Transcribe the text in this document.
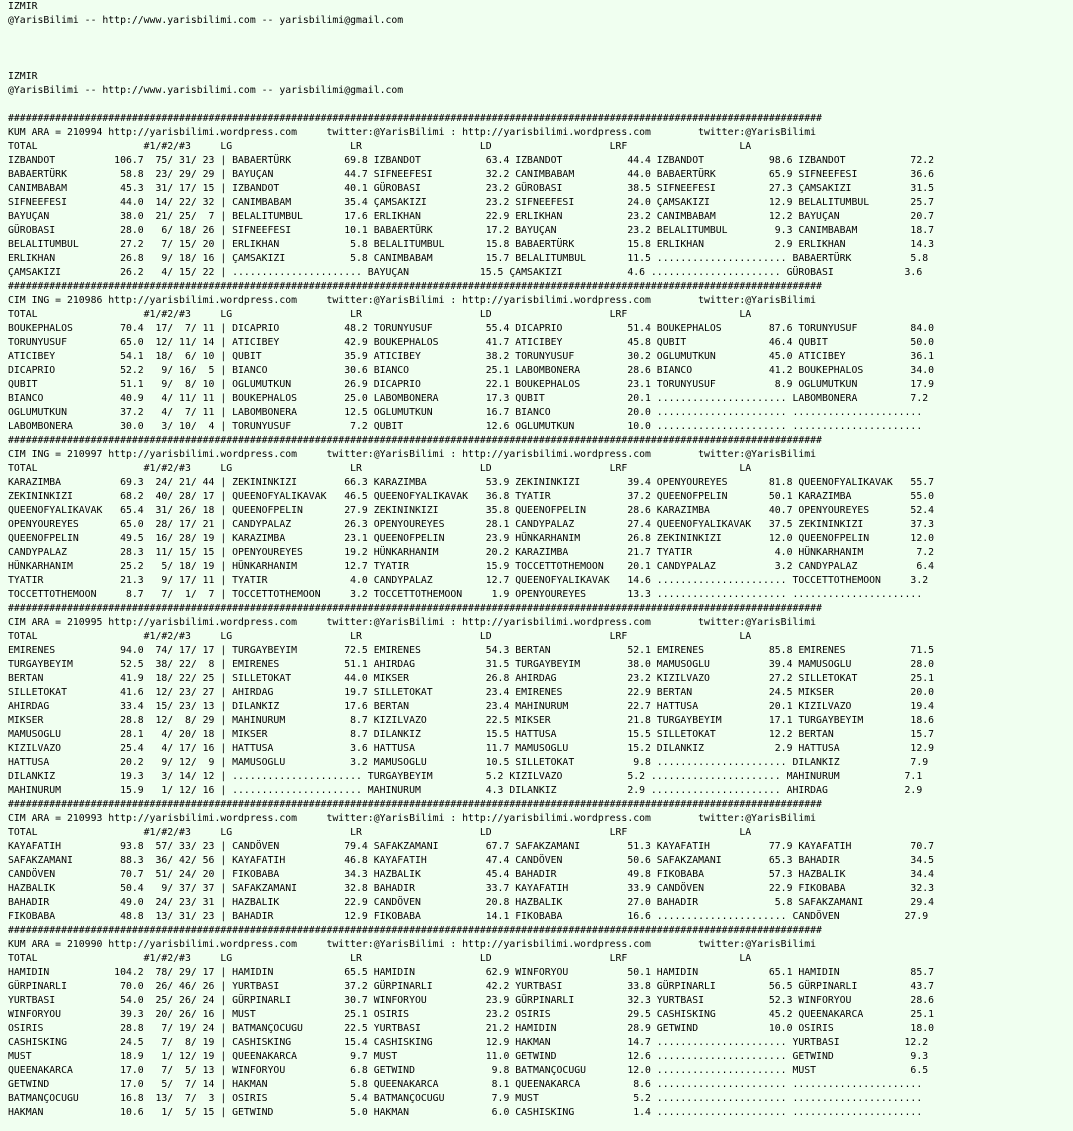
IZMIR
@YarisBilimi -- http://www.yarisbilimi.com -- yarisbilimi@gmail.com

IZMIR
@YarisBilimi -- http://www.yarisbilimi.com -- yarisbilimi@gmail.com

##########################################################################################################################################
KUM ARA = 210994 http://yarisbilimi.wordpress.com     twitter:@YarisBilimi : http://yarisbilimi.wordpress.com        twitter:@YarisBilimi
TOTAL                  #1/#2/#3     LG                    LR                    LD                    LRF                   LA
IZBANDOT          106.7  75/ 31/ 23 | BABAERTÜRK         69.8 IZBANDOT           63.4 IZBANDOT           44.4 IZBANDOT           98.6 IZBANDOT           72.2
BABAERTÜRK         58.8  23/ 29/ 29 | BAYUÇAN            44.7 SIFNEEFESI         32.2 CANIMBABAM         44.0 BABAERTÜRK         65.9 SIFNEEFESI         36.6
CANIMBABAM         45.3  31/ 17/ 15 | IZBANDOT           40.1 GÜROBASI           23.2 GÜROBASI           38.5 SIFNEEFESI         27.3 ÇAMSAKIZI          31.5
SIFNEEFESI         44.0  14/ 22/ 32 | CANIMBABAM         35.4 ÇAMSAKIZI          23.2 SIFNEEFESI         24.0 ÇAMSAKIZI          12.9 BELALITUMBUL       25.7
BAYUÇAN            38.0  21/ 25/  7 | BELALITUMBUL       17.6 ERLIKHAN           22.9 ERLIKHAN           23.2 CANIMBABAM         12.2 BAYUÇAN            20.7
GÜROBASI           28.0   6/ 18/ 26 | SIFNEEFESI         10.1 BABAERTÜRK         17.2 BAYUÇAN            23.2 BELALITUMBUL        9.3 CANIMBABAM         18.7
BELALITUMBUL       27.2   7/ 15/ 20 | ERLIKHAN            5.8 BELALITUMBUL       15.8 BABAERTÜRK         15.8 ERLIKHAN            2.9 ERLIKHAN           14.3
ERLIKHAN           26.8   9/ 18/ 16 | ÇAMSAKIZI           5.8 CANIMBABAM         15.7 BELALITUMBUL       11.5 ...................... BABAERTÜRK          5.8
ÇAMSAKIZI          26.2   4/ 15/ 22 | ...................... BAYUÇAN            15.5 ÇAMSAKIZI           4.6 ...................... GÜROBASI            3.6
##########################################################################################################################################
CIM ING = 210986 http://yarisbilimi.wordpress.com     twitter:@YarisBilimi : http://yarisbilimi.wordpress.com        twitter:@YarisBilimi
TOTAL                  #1/#2/#3     LG                    LR                    LD                    LRF                   LA
BOUKEPHALOS        70.4  17/  7/ 11 | DICAPRIO           48.2 TORUNYUSUF         55.4 DICAPRIO           51.4 BOUKEPHALOS        87.6 TORUNYUSUF         84.0
TORUNYUSUF         65.0  12/ 11/ 14 | ATICIBEY           42.9 BOUKEPHALOS        41.7 ATICIBEY           45.8 QUBIT              46.4 QUBIT              50.0
ATICIBEY           54.1  18/  6/ 10 | QUBIT              35.9 ATICIBEY           38.2 TORUNYUSUF         30.2 OGLUMUTKUN         45.0 ATICIBEY           36.1
DICAPRIO           52.2   9/ 16/  5 | BIANCO             30.6 BIANCO             25.1 LABOMBONERA        28.6 BIANCO             41.2 BOUKEPHALOS        34.0
QUBIT              51.1   9/  8/ 10 | OGLUMUTKUN         26.9 DICAPRIO           22.1 BOUKEPHALOS        23.1 TORUNYUSUF          8.9 OGLUMUTKUN         17.9
BIANCO             40.9   4/ 11/ 11 | BOUKEPHALOS        25.0 LABOMBONERA        17.3 QUBIT              20.1 ...................... LABOMBONERA         7.2
OGLUMUTKUN         37.2   4/  7/ 11 | LABOMBONERA        12.5 OGLUMUTKUN         16.7 BIANCO             20.0 ...................... ......................
LABOMBONERA        30.0   3/ 10/  4 | TORUNYUSUF          7.2 QUBIT              12.6 OGLUMUTKUN         10.0 ...................... ......................
##########################################################################################################################################
CIM ING = 210997 http://yarisbilimi.wordpress.com     twitter:@YarisBilimi : http://yarisbilimi.wordpress.com        twitter:@YarisBilimi
TOTAL                  #1/#2/#3     LG                    LR                    LD                    LRF                   LA
KARAZIMBA          69.3  24/ 21/ 44 | ZEKININKIZI        66.3 KARAZIMBA          53.9 ZEKININKIZI        39.4 OPENYOUREYES       81.8 QUEENOFYALIKAVAK   55.7
ZEKININKIZI        68.2  40/ 28/ 17 | QUEENOFYALIKAVAK   46.5 QUEENOFYALIKAVAK   36.8 TYATIR             37.2 QUEENOFPELIN       50.1 KARAZIMBA          55.0
QUEENOFYALIKAVAK   65.4  31/ 26/ 18 | QUEENOFPELIN       27.9 ZEKININKIZI        35.8 QUEENOFPELIN       28.6 KARAZIMBA          40.7 OPENYOUREYES       52.4
OPENYOUREYES       65.0  28/ 17/ 21 | CANDYPALAZ         26.3 OPENYOUREYES       28.1 CANDYPALAZ         27.4 QUEENOFYALIKAVAK   37.5 ZEKININKIZI        37.3
QUEENOFPELIN       49.5  16/ 28/ 19 | KARAZIMBA          23.1 QUEENOFPELIN       23.9 HÜNKARHANIM        26.8 ZEKININKIZI        12.0 QUEENOFPELIN       12.0
CANDYPALAZ         28.3  11/ 15/ 15 | OPENYOUREYES       19.2 HÜNKARHANIM        20.2 KARAZIMBA          21.7 TYATIR              4.0 HÜNKARHANIM         7.2
HÜNKARHANIM        25.2   5/ 18/ 19 | HÜNKARHANIM        12.7 TYATIR             15.9 TOCCETTOTHEMOON    20.1 CANDYPALAZ          3.2 CANDYPALAZ          6.4
TYATIR             21.3   9/ 17/ 11 | TYATIR              4.0 CANDYPALAZ         12.7 QUEENOFYALIKAVAK   14.6 ...................... TOCCETTOTHEMOON     3.2
TOCCETTOTHEMOON     8.7   7/  1/  7 | TOCCETTOTHEMOON     3.2 TOCCETTOTHEMOON     1.9 OPENYOUREYES       13.3 ...................... ......................
##########################################################################################################################################
CIM ARA = 210995 http://yarisbilimi.wordpress.com     twitter:@YarisBilimi : http://yarisbilimi.wordpress.com        twitter:@YarisBilimi
TOTAL                  #1/#2/#3     LG                    LR                    LD                    LRF                   LA
EMIRENES           94.0  74/ 17/ 17 | TURGAYBEYIM        72.5 EMIRENES           54.3 BERTAN             52.1 EMIRENES           85.8 EMIRENES           71.5
TURGAYBEYIM        52.5  38/ 22/  8 | EMIRENES           51.1 AHIRDAG            31.5 TURGAYBEYIM        38.0 MAMUSOGLU          39.4 MAMUSOGLU          28.0
BERTAN             41.9  18/ 22/ 25 | SILLETOKAT         44.0 MIKSER             26.8 AHIRDAG            23.2 KIZILVAZO          27.2 SILLETOKAT         25.1
SILLETOKAT         41.6  12/ 23/ 27 | AHIRDAG            19.7 SILLETOKAT         23.4 EMIRENES           22.9 BERTAN             24.5 MIKSER             20.0
AHIRDAG            33.4  15/ 23/ 13 | DILANKIZ           17.6 BERTAN             23.4 MAHINURUM          22.7 HATTUSA            20.1 KIZILVAZO          19.4
MIKSER             28.8  12/  8/ 29 | MAHINURUM           8.7 KIZILVAZO          22.5 MIKSER             21.8 TURGAYBEYIM        17.1 TURGAYBEYIM        18.6
MAMUSOGLU          28.1   4/ 20/ 18 | MIKSER              8.7 DILANKIZ           15.5 HATTUSA            15.5 SILLETOKAT         12.2 BERTAN             15.7
KIZILVAZO          25.4   4/ 17/ 16 | HATTUSA             3.6 HATTUSA            11.7 MAMUSOGLU          15.2 DILANKIZ            2.9 HATTUSA            12.9
HATTUSA            20.2   9/ 12/  9 | MAMUSOGLU           3.2 MAMUSOGLU          10.5 SILLETOKAT          9.8 ...................... DILANKIZ            7.9
DILANKIZ           19.3   3/ 14/ 12 | ...................... TURGAYBEYIM         5.2 KIZILVAZO           5.2 ...................... MAHINURUM           7.1
MAHINURUM          15.9   1/ 12/ 16 | ...................... MAHINURUM           4.3 DILANKIZ            2.9 ...................... AHIRDAG             2.9
##########################################################################################################################################
CIM ARA = 210993 http://yarisbilimi.wordpress.com     twitter:@YarisBilimi : http://yarisbilimi.wordpress.com        twitter:@YarisBilimi
TOTAL                  #1/#2/#3     LG                    LR                    LD                    LRF                   LA
KAYAFATIH          93.8  57/ 33/ 23 | CANDÖVEN           79.4 SAFAKZAMANI        67.7 SAFAKZAMANI        51.3 KAYAFATIH          77.9 KAYAFATIH          70.7
SAFAKZAMANI        88.3  36/ 42/ 56 | KAYAFATIH          46.8 KAYAFATIH          47.4 CANDÖVEN           50.6 SAFAKZAMANI        65.3 BAHADIR            34.5
CANDÖVEN           70.7  51/ 24/ 20 | FIKOBABA           34.3 HAZBALIK           45.4 BAHADIR            49.8 FIKOBABA           57.3 HAZBALIK           34.4
HAZBALIK           50.4   9/ 37/ 37 | SAFAKZAMANI        32.8 BAHADIR            33.7 KAYAFATIH          33.9 CANDÖVEN           22.9 FIKOBABA           32.3
BAHADIR            49.0  24/ 23/ 31 | HAZBALIK           22.9 CANDÖVEN           20.8 HAZBALIK           27.0 BAHADIR             5.8 SAFAKZAMANI        29.4
FIKOBABA           48.8  13/ 31/ 23 | BAHADIR            12.9 FIKOBABA           14.1 FIKOBABA           16.6 ...................... CANDÖVEN           27.9
##########################################################################################################################################
KUM ARA = 210990 http://yarisbilimi.wordpress.com     twitter:@YarisBilimi : http://yarisbilimi.wordpress.com        twitter:@YarisBilimi
TOTAL                  #1/#2/#3     LG                    LR                    LD                    LRF                   LA
HAMIDIN           104.2  78/ 29/ 17 | HAMIDIN            65.5 HAMIDIN            62.9 WINFORYOU          50.1 HAMIDIN            65.1 HAMIDIN            85.7
GÜRPINARLI         70.0  26/ 46/ 26 | YURTBASI           37.2 GÜRPINARLI         42.2 YURTBASI           33.8 GÜRPINARLI         56.5 GÜRPINARLI         43.7
YURTBASI           54.0  25/ 26/ 24 | GÜRPINARLI         30.7 WINFORYOU          23.9 GÜRPINARLI         32.3 YURTBASI           52.3 WINFORYOU          28.6
WINFORYOU          39.3  20/ 26/ 16 | MUST               25.1 OSIRIS             23.2 OSIRIS             29.5 CASHISKING         45.2 QUEENAKARCA        25.1
OSIRIS             28.8   7/ 19/ 24 | BATMANÇOCUGU       22.5 YURTBASI           21.2 HAMIDIN            28.9 GETWIND            10.0 OSIRIS             18.0
CASHISKING         24.5   7/  8/ 19 | CASHISKING         15.4 CASHISKING         12.9 HAKMAN             14.7 ...................... YURTBASI           12.2
MUST               18.9   1/ 12/ 19 | QUEENAKARCA         9.7 MUST               11.0 GETWIND            12.6 ...................... GETWIND             9.3
QUEENAKARCA        17.0   7/  5/ 13 | WINFORYOU           6.8 GETWIND             9.8 BATMANÇOCUGU       12.0 ...................... MUST                6.5
GETWIND            17.0   5/  7/ 14 | HAKMAN              5.8 QUEENAKARCA         8.1 QUEENAKARCA         8.6 ...................... ......................
BATMANÇOCUGU       16.8  13/  7/  3 | OSIRIS              5.4 BATMANÇOCUGU        7.9 MUST                5.2 ...................... ......................
HAKMAN             10.6   1/  5/ 15 | GETWIND             5.0 HAKMAN              6.0 CASHISKING          1.4 ...................... ......................
